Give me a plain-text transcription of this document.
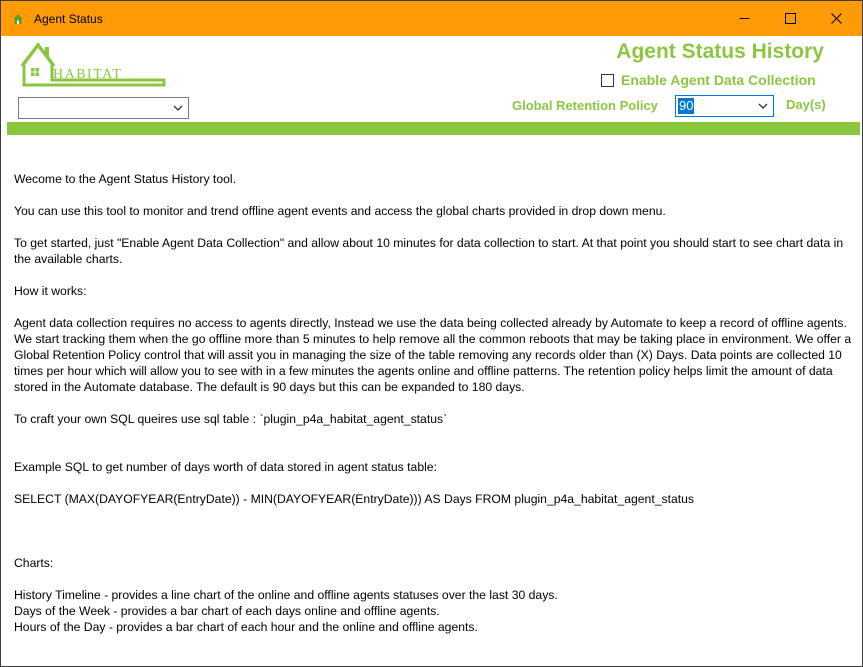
Agent Status
HABITAT
Agent Status History
Enable Agent Data Collection
Global Retention Policy 90	Day(s)

Wecome to the Agent Status History tool.

You can use this tool to monitor and trend offline agent events and access the global charts provided in drop down menu.

To get started, just "Enable Agent Data Collection" and allow about 10 minutes for data collection to start. At that point you should start to see chart data in the available charts.

How it works:

Agent data collection requires no access to agents directly, Instead we use the data being collected already by Automate to keep a record of offline agents. We start tracking them when the go offline more than 5 minutes to help remove all the common reboots that may be taking place in environment. We offer a Global Retention Policy control that will assit you in managing the size of the table removing any records older than (X) Days. Data points are collected 10 times per hour which will allow you to see with in a few minutes the agents online and offline patterns. The retention policy helps limit the amount of data stored in the Automate database. The default is 90 days but this can be expanded to 180 days.

To craft your own SQL queires use sql table : `plugin_p4a_habitat_agent_status`

Example SQL to get number of days worth of data stored in agent status table:

SELECT (MAX(DAYOFYEAR(EntryDate)) - MIN(DAYOFYEAR(EntryDate))) AS Days FROM plugin_p4a_habitat_agent_status

Charts:

History Timeline - provides a line chart of the online and offline agents statuses over the last 30 days.

Days of the Week - provides a bar chart of each days online and offline agents.

Hours of the Day - provides a bar chart of each hour and the online and offline agents.
